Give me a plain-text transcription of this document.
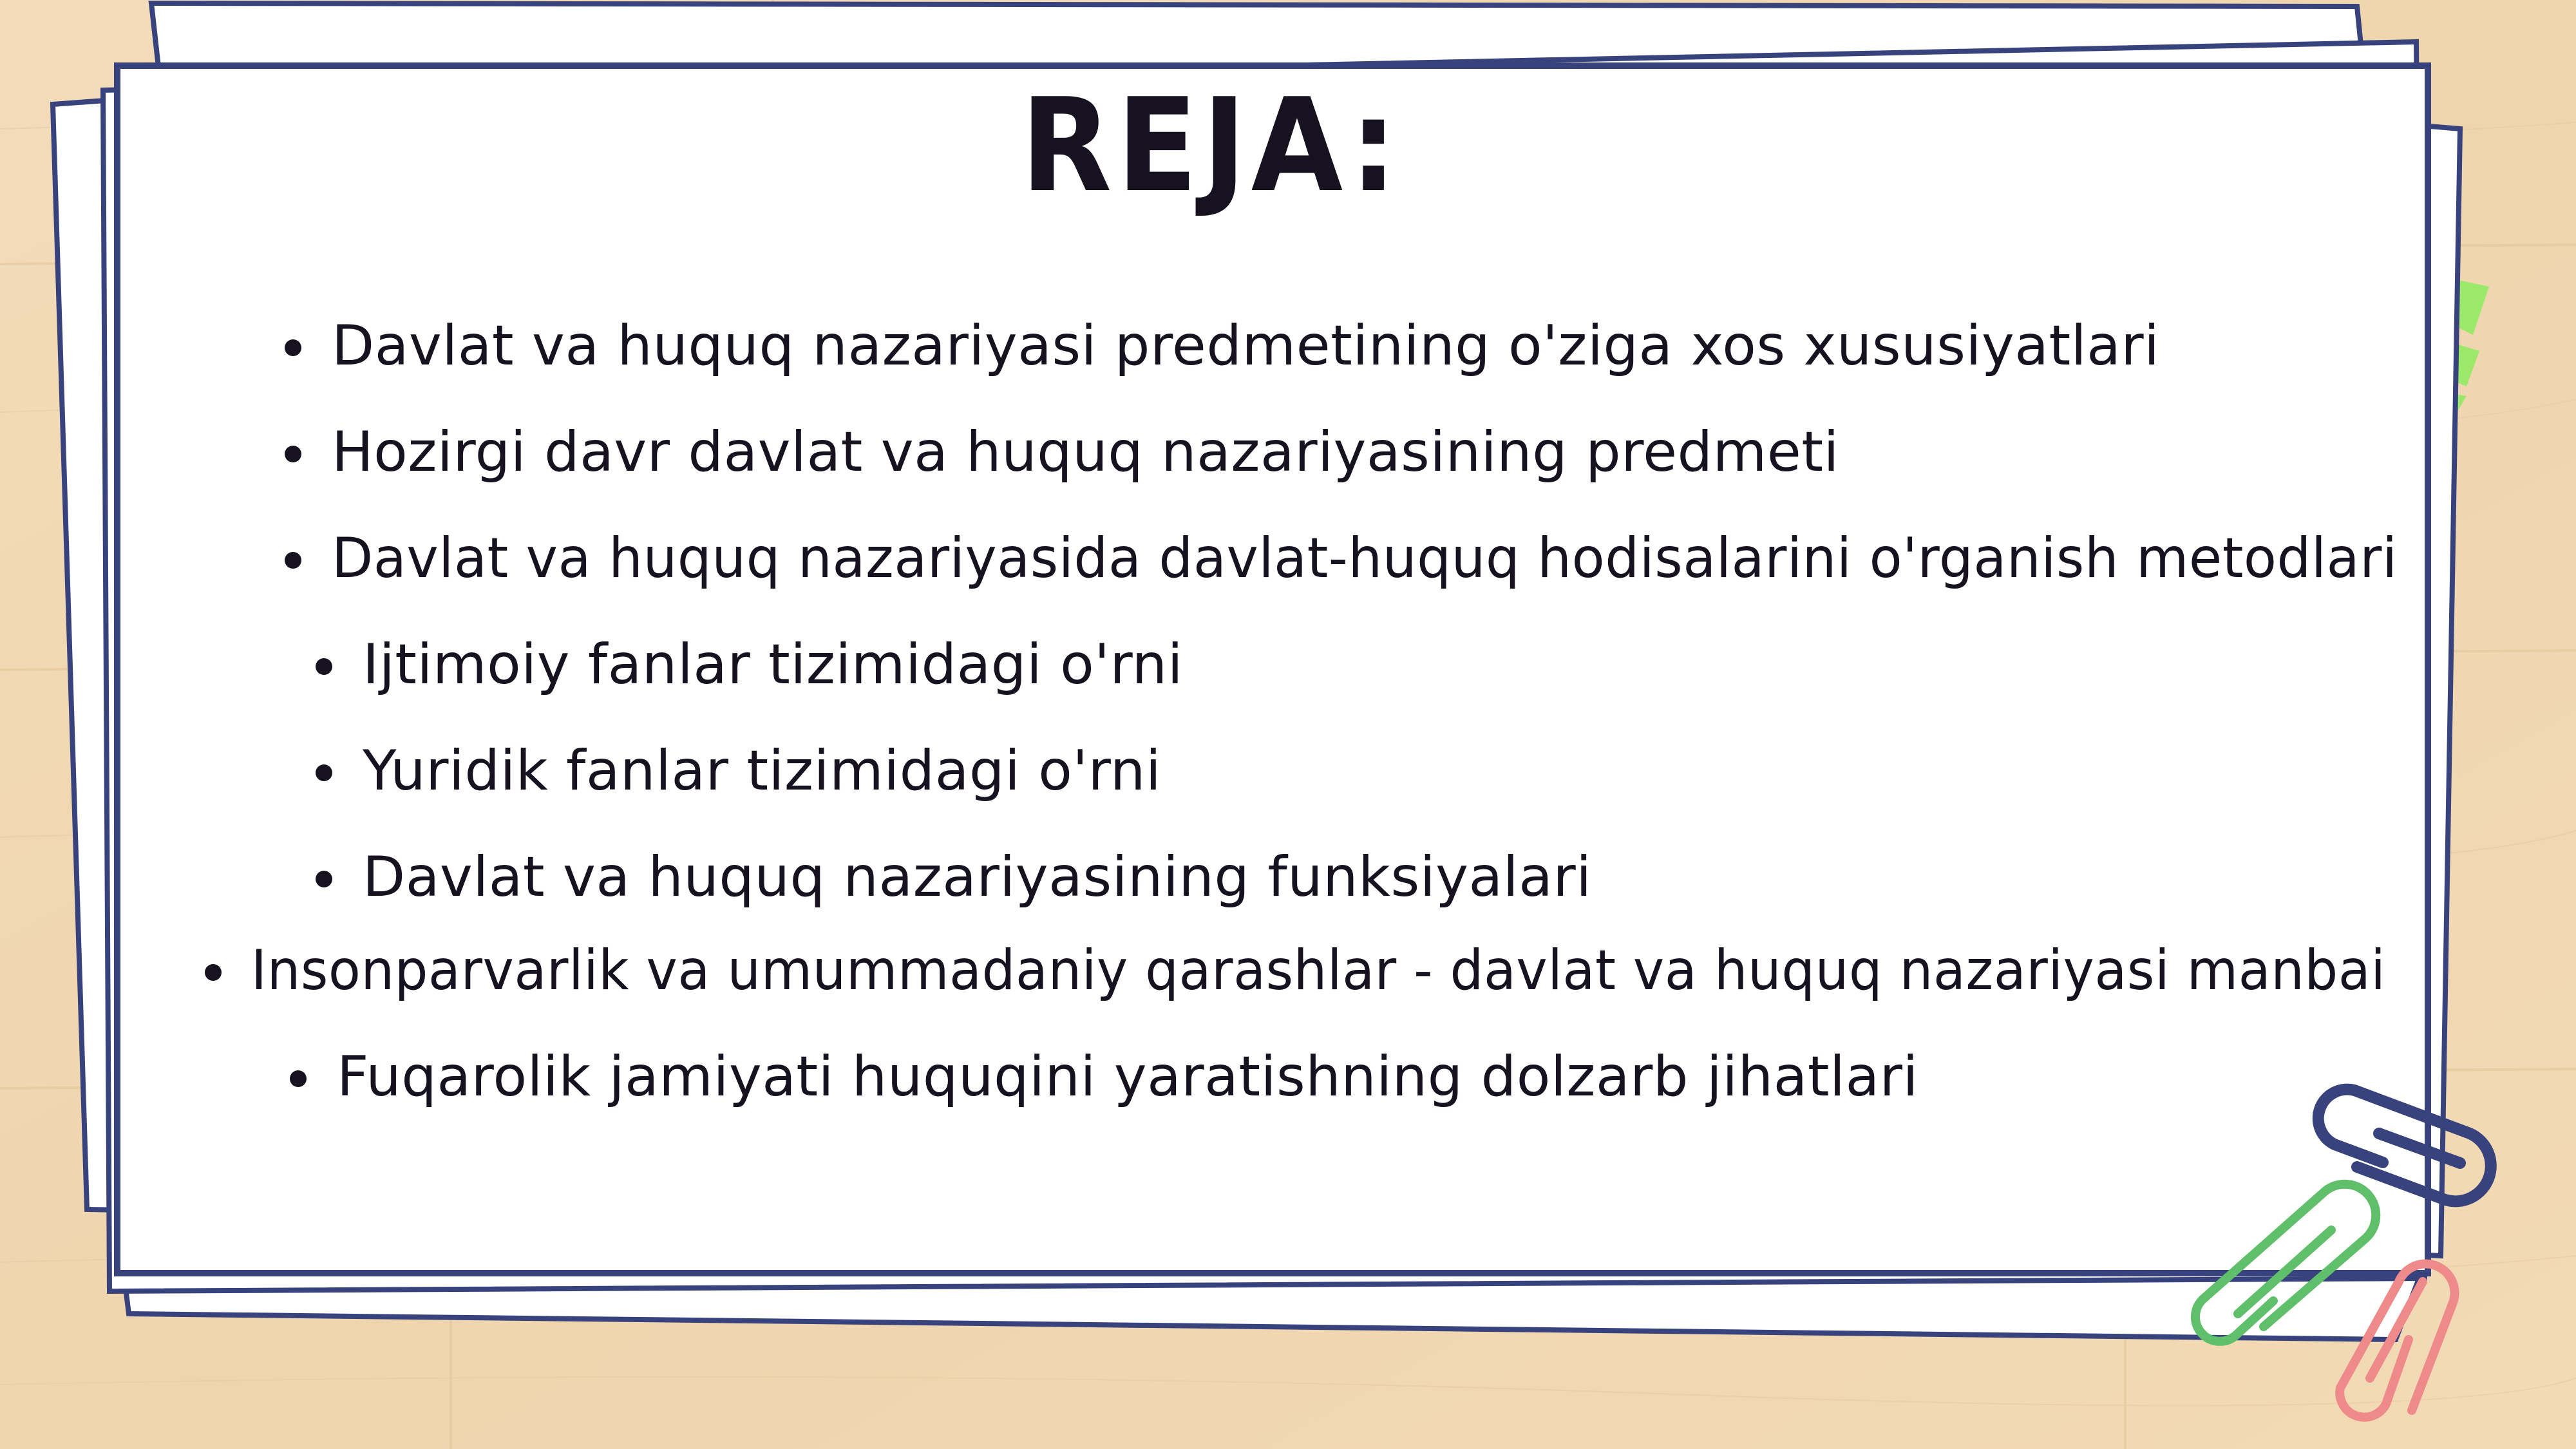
REJA:

Davlat va huquq nazariyasi predmetining o'ziga xos xususiyatlari

Hozirgi davr davlat va huquq nazariyasining predmeti

Davlat va huquq nazariyasida davlat-huquq hodisalarini o'rganish metodlari

Ijtimoiy fanlar tizimidagi o'rni

Yuridik fanlar tizimidagi o'rni

Davlat va huquq nazariyasining funksiyalari

Insonparvarlik va umummadaniy qarashlar - davlat va huquq nazariyasi manbai

Fuqarolik jamiyati huquqini yaratishning dolzarb jihatlari
